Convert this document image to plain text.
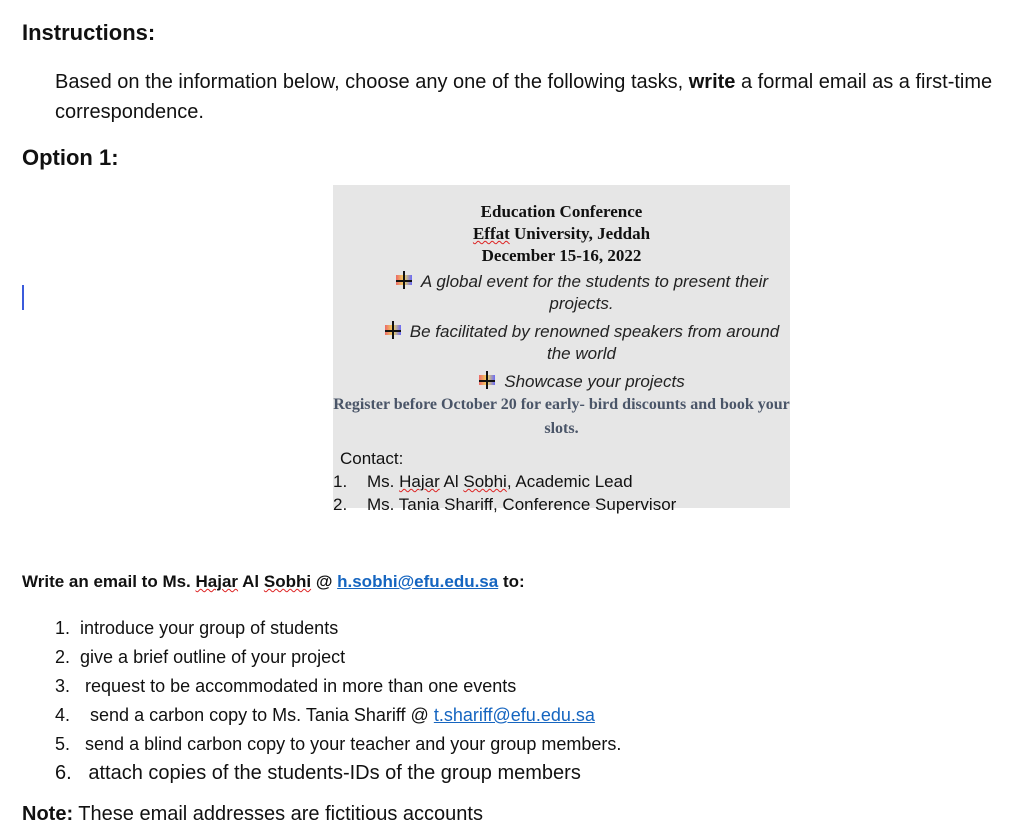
Instructions:
Based on the information below, choose any one of the following tasks, write a formal email as a first-time correspondence.
Option 1:
Education Conference
Effat University, Jeddah
December 15-16, 2022
A global event for the students to present their projects.
Be facilitated by renowned speakers from around the world
Showcase your projects
Register before October 20 for early- bird discounts and book your slots.
Contact:
1. Ms. Hajar Al Sobhi, Academic Lead
2. Ms. Tania Shariff, Conference Supervisor
Write an email to Ms. Hajar Al Sobhi @ h.sobhi@efu.edu.sa to:
1. introduce your group of students
2. give a brief outline of your project
3. request to be accommodated in more than one events
4. send a carbon copy to Ms. Tania Shariff @ t.shariff@efu.edu.sa
5. send a blind carbon copy to your teacher and your group members.
6. attach copies of the students-IDs of the group members
Note: These email addresses are fictitious accounts
